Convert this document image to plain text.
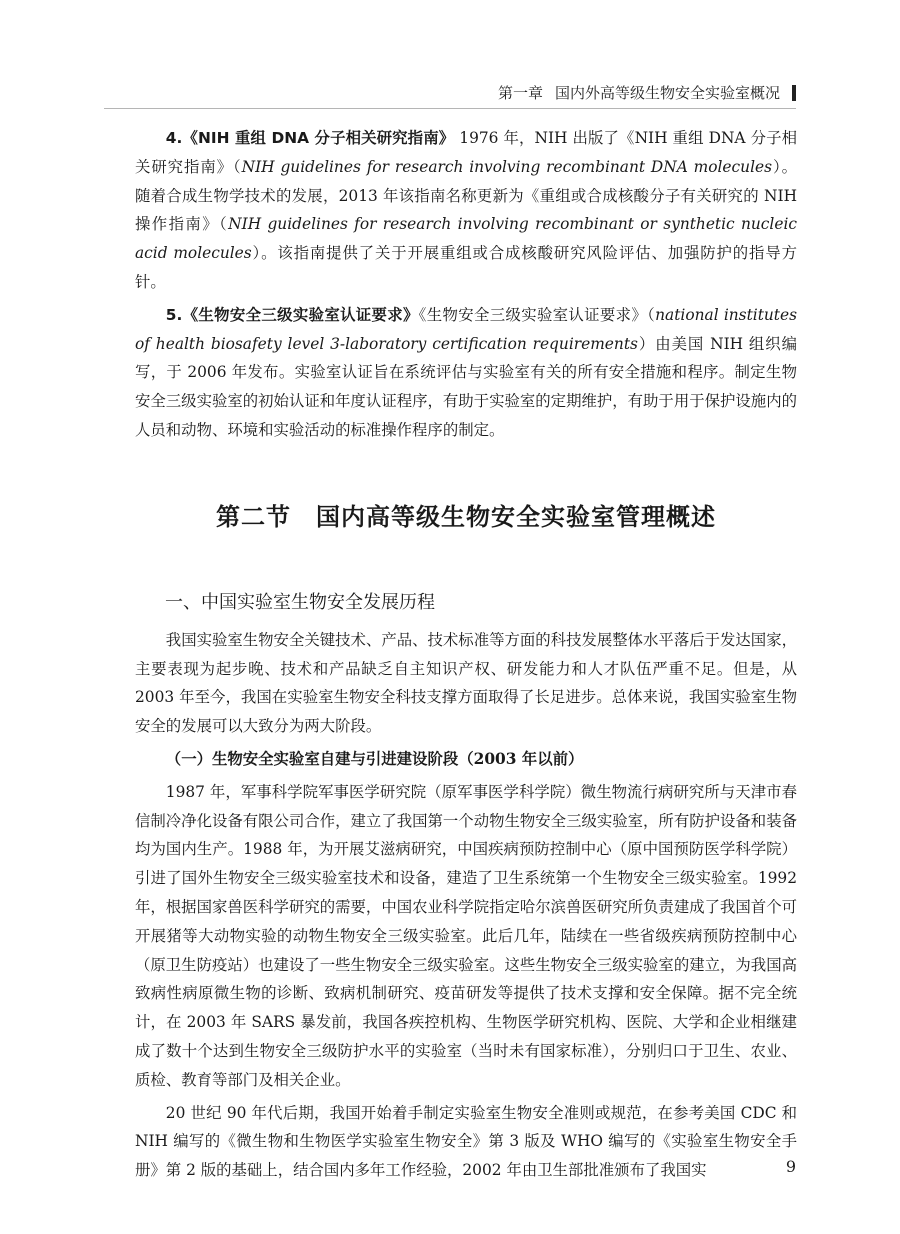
第一章 国内外高等级生物安全实验室概况

4.《NIH 重组 DNA 分子相关研究指南》 1976 年，NIH 出版了《NIH 重组 DNA 分子相关研究指南》（NIH guidelines for research involving recombinant DNA molecules）。随着合成生物学技术的发展，2013 年该指南名称更新为《重组或合成核酸分子有关研究的 NIH 操作指南》（NIH guidelines for research involving recombinant or synthetic nucleic acid molecules）。该指南提供了关于开展重组或合成核酸研究风险评估、加强防护的指导方针。

5.《生物安全三级实验室认证要求》《生物安全三级实验室认证要求》（national institutes of health biosafety level 3-laboratory certification requirements）由美国 NIH 组织编写，于 2006 年发布。实验室认证旨在系统评估与实验室有关的所有安全措施和程序。制定生物安全三级实验室的初始认证和年度认证程序，有助于实验室的定期维护，有助于用于保护设施内的人员和动物、环境和实验活动的标准操作程序的制定。

第二节　国内高等级生物安全实验室管理概述
一、中国实验室生物安全发展历程

我国实验室生物安全关键技术、产品、技术标准等方面的科技发展整体水平落后于发达国家，主要表现为起步晚、技术和产品缺乏自主知识产权、研发能力和人才队伍严重不足。但是，从 2003 年至今，我国在实验室生物安全科技支撑方面取得了长足进步。总体来说，我国实验室生物安全的发展可以大致分为两大阶段。

（一）生物安全实验室自建与引进建设阶段（2003 年以前）

1987 年，军事科学院军事医学研究院（原军事医学科学院）微生物流行病研究所与天津市春信制冷净化设备有限公司合作，建立了我国第一个动物生物安全三级实验室，所有防护设备和装备均为国内生产。1988 年，为开展艾滋病研究，中国疾病预防控制中心（原中国预防医学科学院）引进了国外生物安全三级实验室技术和设备，建造了卫生系统第一个生物安全三级实验室。1992 年，根据国家兽医科学研究的需要，中国农业科学院指定哈尔滨兽医研究所负责建成了我国首个可开展猪等大动物实验的动物生物安全三级实验室。此后几年，陆续在一些省级疾病预防控制中心（原卫生防疫站）也建设了一些生物安全三级实验室。这些生物安全三级实验室的建立，为我国高致病性病原微生物的诊断、致病机制研究、疫苗研发等提供了技术支撑和安全保障。据不完全统计，在 2003 年 SARS 暴发前，我国各疾控机构、生物医学研究机构、医院、大学和企业相继建成了数十个达到生物安全三级防护水平的实验室（当时未有国家标准），分别归口于卫生、农业、质检、教育等部门及相关企业。

20 世纪 90 年代后期，我国开始着手制定实验室生物安全准则或规范，在参考美国 CDC 和 NIH 编写的《微生物和生物医学实验室生物安全》第 3 版及 WHO 编写的《实验室生物安全手册》第 2 版的基础上，结合国内多年工作经验，2002 年由卫生部批准颁布了我国实	9
